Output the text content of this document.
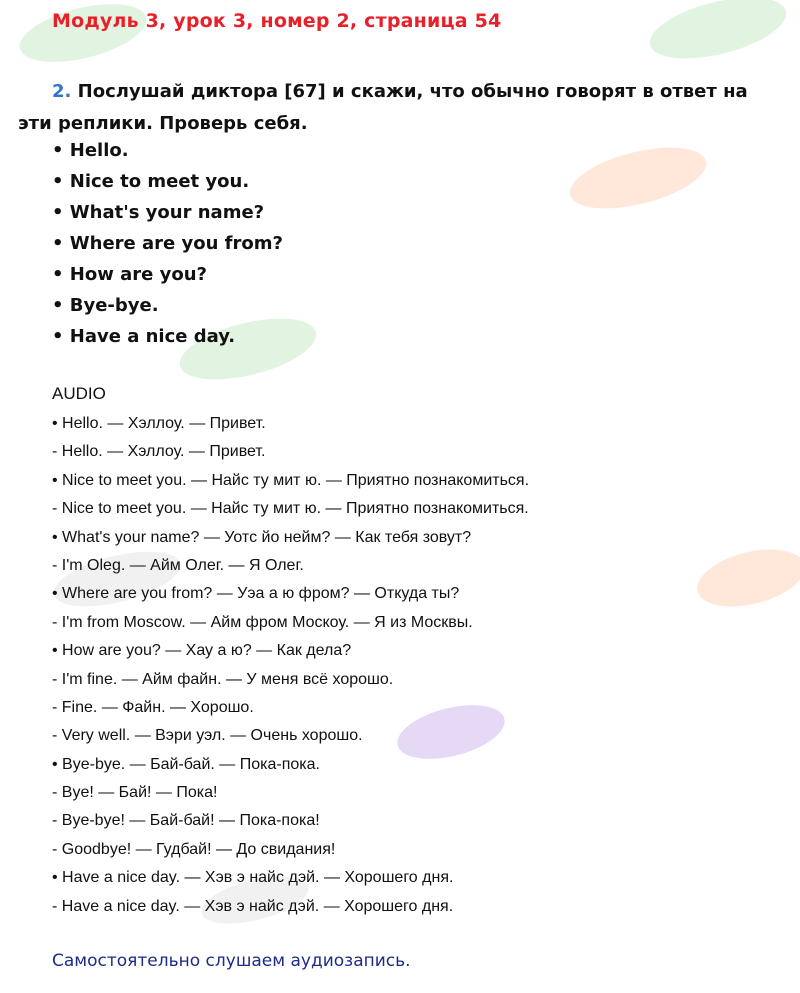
Модуль 3, урок 3, номер 2, страница 54
2. Послушай диктора [67] и скажи, что обычно говорят в ответ на эти реплики. Проверь себя.
• Hello.
• Nice to meet you.
• What's your name?
• Where are you from?
• How are you?
• Bye-bye.
• Have a nice day.
AUDIO
• Hello. — Хэллоу. — Привет.
- Hello. — Хэллоу. — Привет.
• Nice to meet you. — Найс ту мит ю. — Приятно познакомиться.
- Nice to meet you. — Найс ту мит ю. — Приятно познакомиться.
• What's your name? — Уотс йо нейм? — Как тебя зовут?
- I'm Oleg. — Айм Олег. — Я Олег.
• Where are you from? — Уэа а ю фром? — Откуда ты?
- I'm from Moscow. — Айм фром Москоу. — Я из Москвы.
• How are you? — Хау а ю? — Как дела?
- I'm fine. — Айм файн. — У меня всё хорошо.
- Fine. — Файн. — Хорошо.
- Very well. — Вэри уэл. — Очень хорошо.
• Bye-bye. — Бай-бай. — Пока-пока.
- Bye! — Бай! — Пока!
- Bye-bye! — Бай-бай! — Пока-пока!
- Goodbye! — Гудбай! — До свидания!
• Have a nice day. — Хэв э найс дэй. — Хорошего дня.
- Have a nice day. — Хэв э найс дэй. — Хорошего дня.
Самостоятельно слушаем аудиозапись.
